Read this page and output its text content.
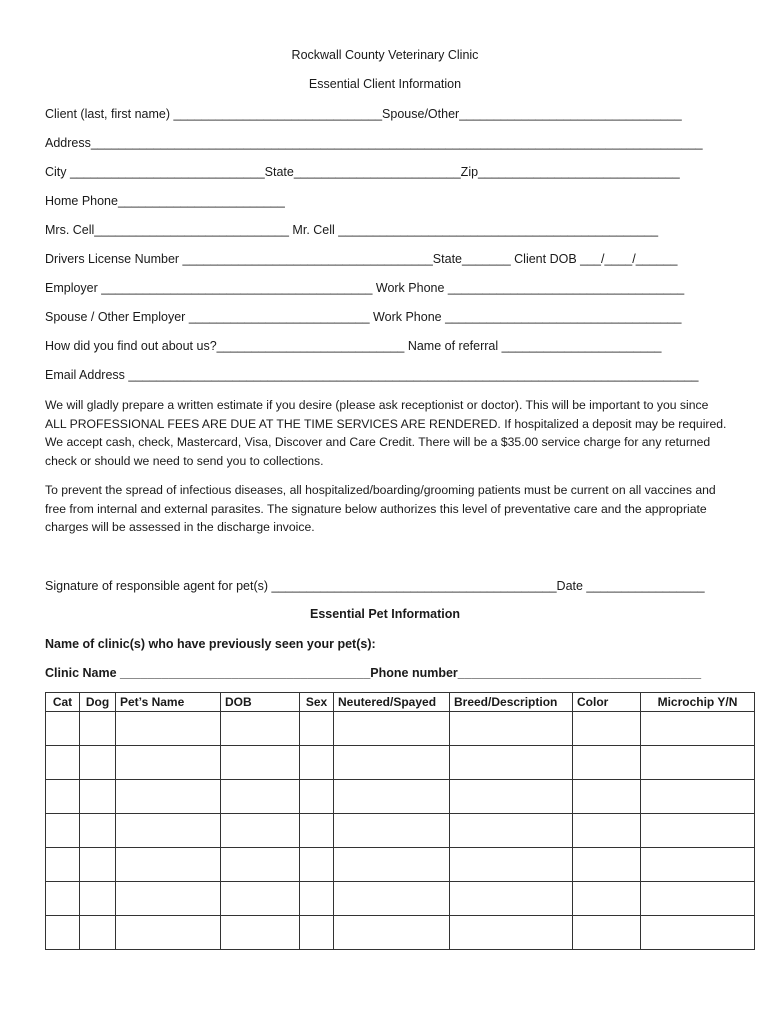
Rockwall County Veterinary Clinic
Essential Client Information
Client (last, first name) ______________________________Spouse/Other________________________________
Address________________________________________________________________________________________
City ____________________________State________________________Zip_____________________________
Home Phone________________________
Mrs. Cell____________________________ Mr. Cell ______________________________________________
Drivers License Number ____________________________________State_______ Client DOB ___/____/______
Employer _______________________________________ Work Phone __________________________________
Spouse / Other Employer __________________________ Work Phone __________________________________
How did you find out about us?___________________________ Name of referral _______________________
Email Address __________________________________________________________________________________
We will gladly prepare a written estimate if you desire (please ask receptionist or doctor). This will be important to you since ALL PROFESSIONAL FEES ARE DUE AT THE TIME SERVICES ARE RENDERED. If hospitalized a deposit may be required. We accept cash, check, Mastercard, Visa, Discover and Care Credit. There will be a $35.00 service charge for any returned check or should we need to send you to collections.
To prevent the spread of infectious diseases, all hospitalized/boarding/grooming patients must be current on all vaccines and free from internal and external parasites. The signature below authorizes this level of preventative care and the appropriate charges will be assessed in the discharge invoice.
Signature of responsible agent for pet(s) _________________________________________Date _________________
Essential Pet Information
Name of clinic(s) who have previously seen your pet(s):
Clinic Name ____________________________________Phone number___________________________________
Cat	Dog	Pet’s Name	DOB	Sex	Neutered/Spayed	Breed/Description	Color	Microchip Y/N
